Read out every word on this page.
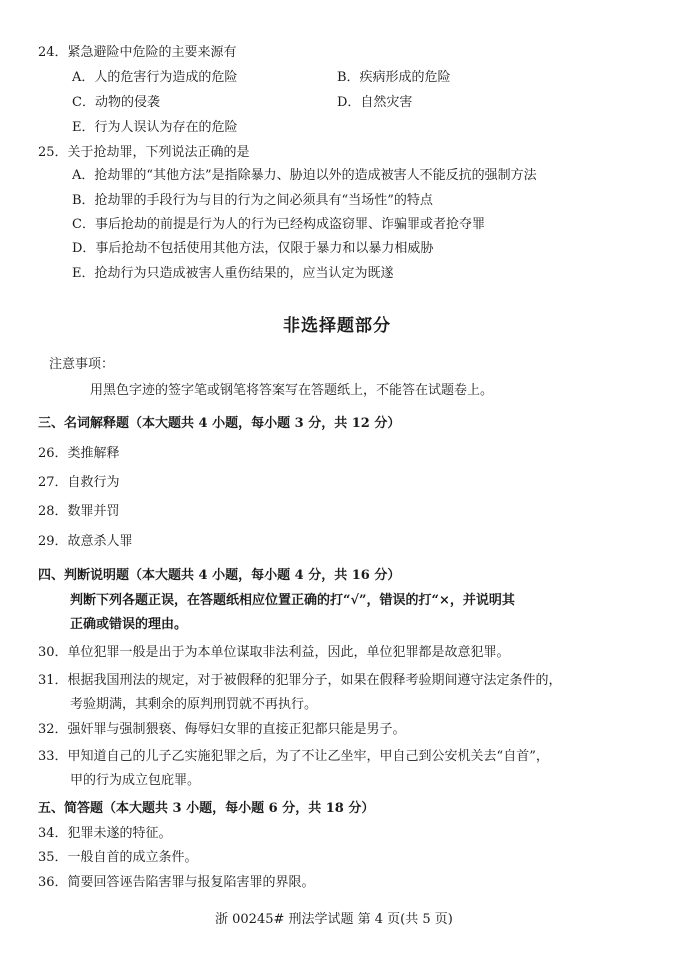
24．紧急避险中危险的主要来源有
A．人的危害行为造成的危险	B．疾病形成的危险
C．动物的侵袭	D．自然灾害
E．行为人误认为存在的危险
25．关于抢劫罪，下列说法正确的是
A．抢劫罪的“其他方法”是指除暴力、胁迫以外的造成被害人不能反抗的强制方法
B．抢劫罪的手段行为与目的行为之间必须具有“当场性”的特点
C．事后抢劫的前提是行为人的行为已经构成盗窃罪、诈骗罪或者抢夺罪
D．事后抢劫不包括使用其他方法，仅限于暴力和以暴力相威胁
E．抢劫行为只造成被害人重伤结果的，应当认定为既遂
非选择题部分
注意事项：
用黑色字迹的签字笔或钢笔将答案写在答题纸上，不能答在试题卷上。
三、名词解释题（本大题共 4 小题，每小题 3 分，共 12 分）
26．类推解释
27．自救行为
28．数罪并罚
29．故意杀人罪
四、判断说明题（本大题共 4 小题，每小题 4 分，共 16 分）
判断下列各题正误，在答题纸相应位置正确的打“√”，错误的打“×，并说明其
正确或错误的理由。
30．单位犯罪一般是出于为本单位谋取非法利益，因此，单位犯罪都是故意犯罪。
31．根据我国刑法的规定，对于被假释的犯罪分子，如果在假释考验期间遵守法定条件的，
考验期满，其剩余的原判刑罚就不再执行。
32．强奸罪与强制猥亵、侮辱妇女罪的直接正犯都只能是男子。
33．甲知道自己的儿子乙实施犯罪之后，为了不让乙坐牢，甲自己到公安机关去“自首”，
甲的行为成立包庇罪。
五、简答题（本大题共 3 小题，每小题 6 分，共 18 分）
34．犯罪未遂的特征。
35．一般自首的成立条件。
36．简要回答诬告陷害罪与报复陷害罪的界限。
浙 00245# 刑法学试题 第 4 页(共 5 页)
